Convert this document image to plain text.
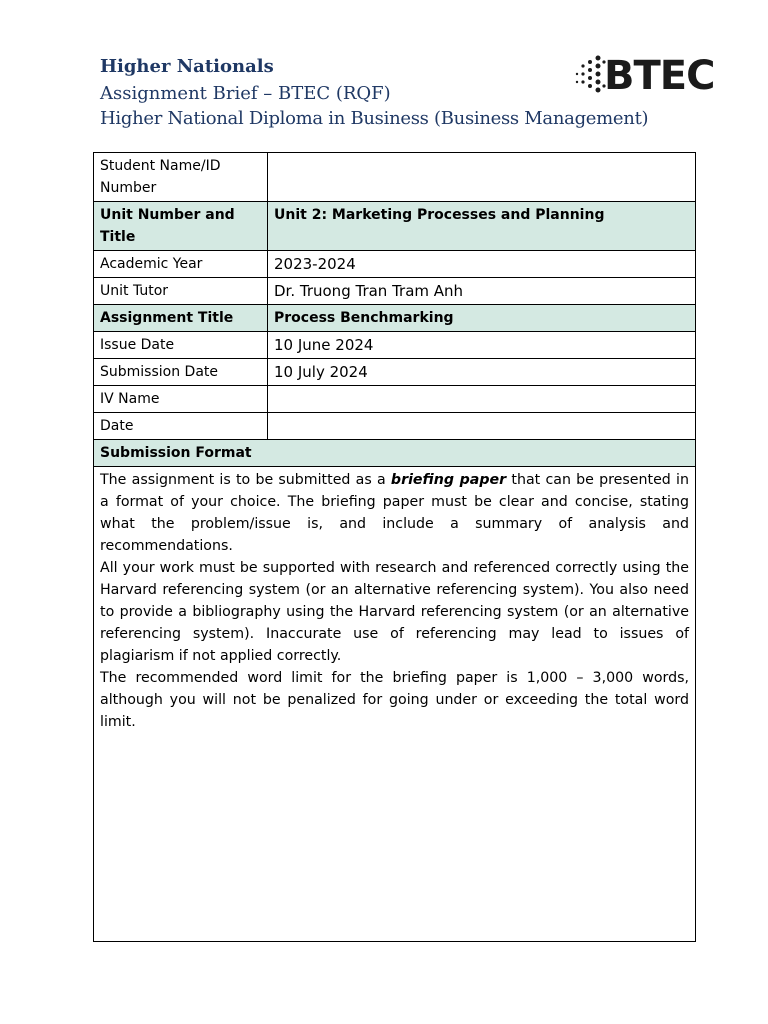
Higher Nationals
Assignment Brief – BTEC (RQF)
Higher National Diploma in Business (Business Management)
BTEC
Student Name/ID Number	
Unit Number and Title	Unit 2: Marketing Processes and Planning
Academic Year	2023-2024
Unit Tutor	Dr. Truong Tran Tram Anh
Assignment Title	Process Benchmarking
Issue Date	10 June 2024
Submission Date	10 July 2024
IV Name	
Date	
Submission Format	

The assignment is to be submitted as a briefing paper that can be presented in a format of your choice. The briefing paper must be clear and concise, stating what the problem/issue is, and include a summary of analysis and recommendations.

All your work must be supported with research and referenced correctly using the Harvard referencing system (or an alternative referencing system). You also need to provide a bibliography using the Harvard referencing system (or an alternative referencing system). Inaccurate use of referencing may lead to issues of plagiarism if not applied correctly.

The recommended word limit for the briefing paper is 1,000 – 3,000 words, although you will not be penalized for going under or exceeding the total word limit.	
